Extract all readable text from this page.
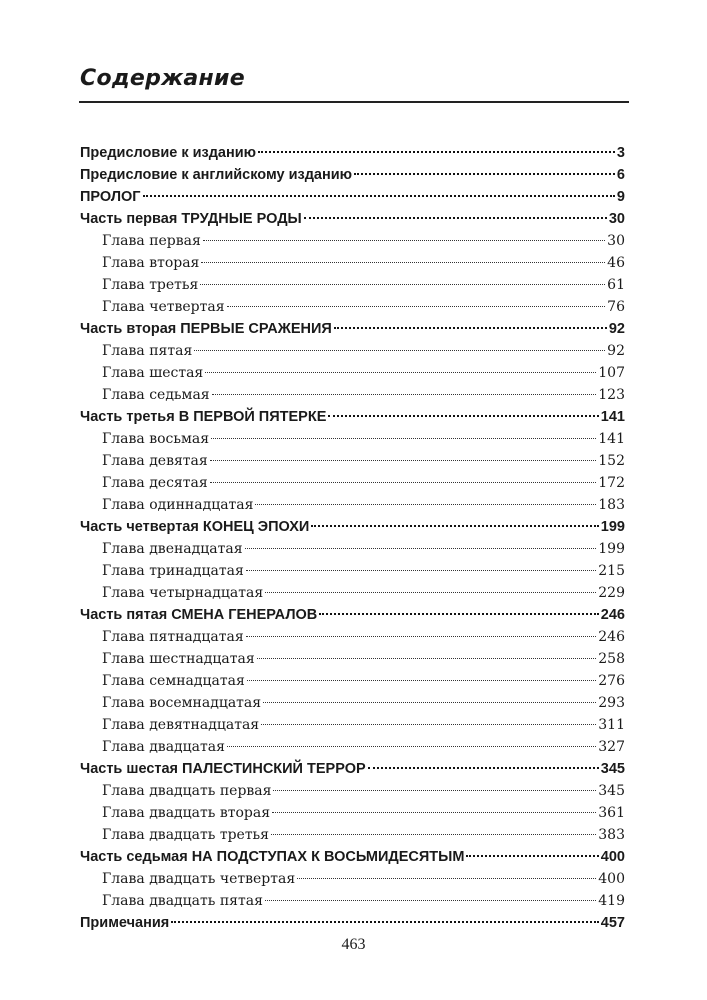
Содержание
Предисловие к изданию	3
Предисловие к английскому изданию	6
ПРОЛОГ	9
Часть первая ТРУДНЫЕ РОДЫ	30
Глава первая	30
Глава вторая	46
Глава третья	61
Глава четвертая	76
Часть вторая ПЕРВЫЕ СРАЖЕНИЯ	92
Глава пятая	92
Глава шестая	107
Глава седьмая	123
Часть третья В ПЕРВОЙ ПЯТЕРКЕ	141
Глава восьмая	141
Глава девятая	152
Глава десятая	172
Глава одиннадцатая	183
Часть четвертая КОНЕЦ ЭПОХИ	199
Глава двенадцатая	199
Глава тринадцатая	215
Глава четырнадцатая	229
Часть пятая СМЕНА ГЕНЕРАЛОВ	246
Глава пятнадцатая	246
Глава шестнадцатая	258
Глава семнадцатая	276
Глава восемнадцатая	293
Глава девятнадцатая	311
Глава двадцатая	327
Часть шестая ПАЛЕСТИНСКИЙ ТЕРРОР	345
Глава двадцать первая	345
Глава двадцать вторая	361
Глава двадцать третья	383
Часть седьмая НА ПОДСТУПАХ К ВОСЬМИДЕСЯТЫМ	400
Глава двадцать четвертая	400
Глава двадцать пятая	419
Примечания	457
463
